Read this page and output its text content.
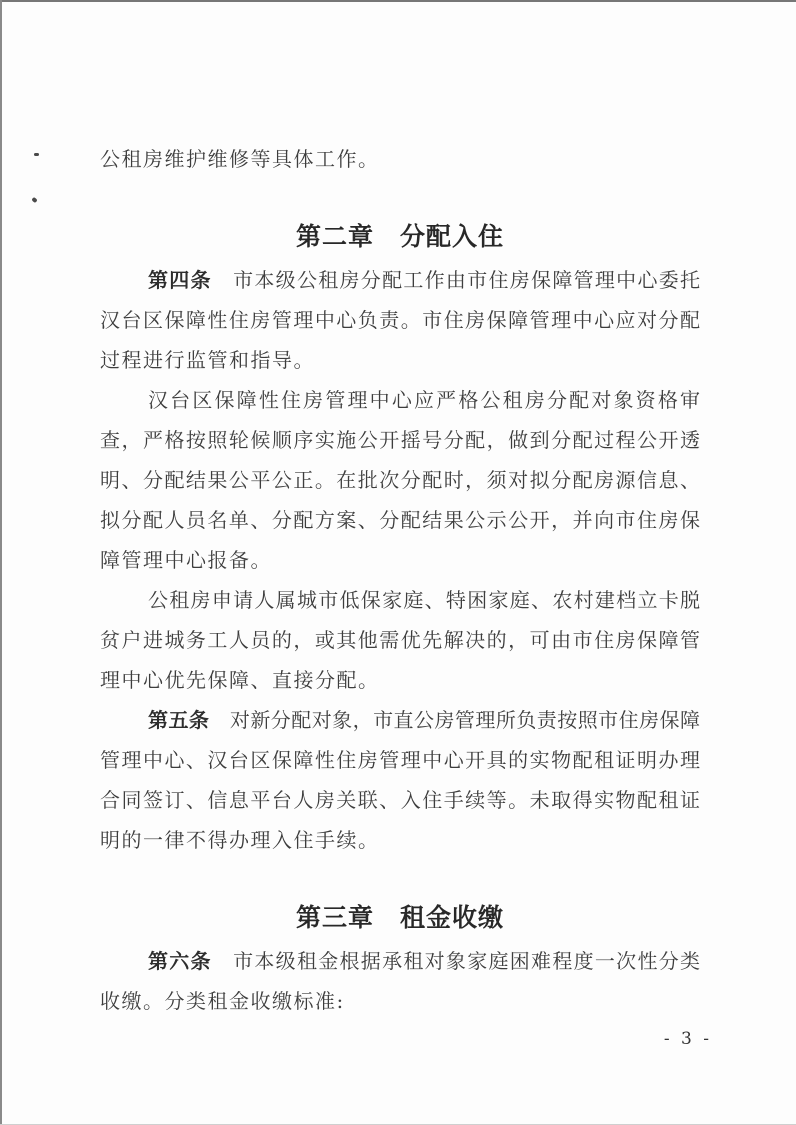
公租房维护维修等具体工作。
第二章　分配入住
第四条　市本级公租房分配工作由市住房保障管理中心委托
汉台区保障性住房管理中心负责。市住房保障管理中心应对分配
过程进行监管和指导。
汉台区保障性住房管理中心应严格公租房分配对象资格审
查，严格按照轮候顺序实施公开摇号分配，做到分配过程公开透
明、分配结果公平公正。在批次分配时，须对拟分配房源信息、
拟分配人员名单、分配方案、分配结果公示公开，并向市住房保
障管理中心报备。
公租房申请人属城市低保家庭、特困家庭、农村建档立卡脱
贫户进城务工人员的，或其他需优先解决的，可由市住房保障管
理中心优先保障、直接分配。
第五条　对新分配对象，市直公房管理所负责按照市住房保障
管理中心、汉台区保障性住房管理中心开具的实物配租证明办理
合同签订、信息平台人房关联、入住手续等。未取得实物配租证
明的一律不得办理入住手续。
第三章　租金收缴
第六条　市本级租金根据承租对象家庭困难程度一次性分类
收缴。分类租金收缴标准:
- 3 -
